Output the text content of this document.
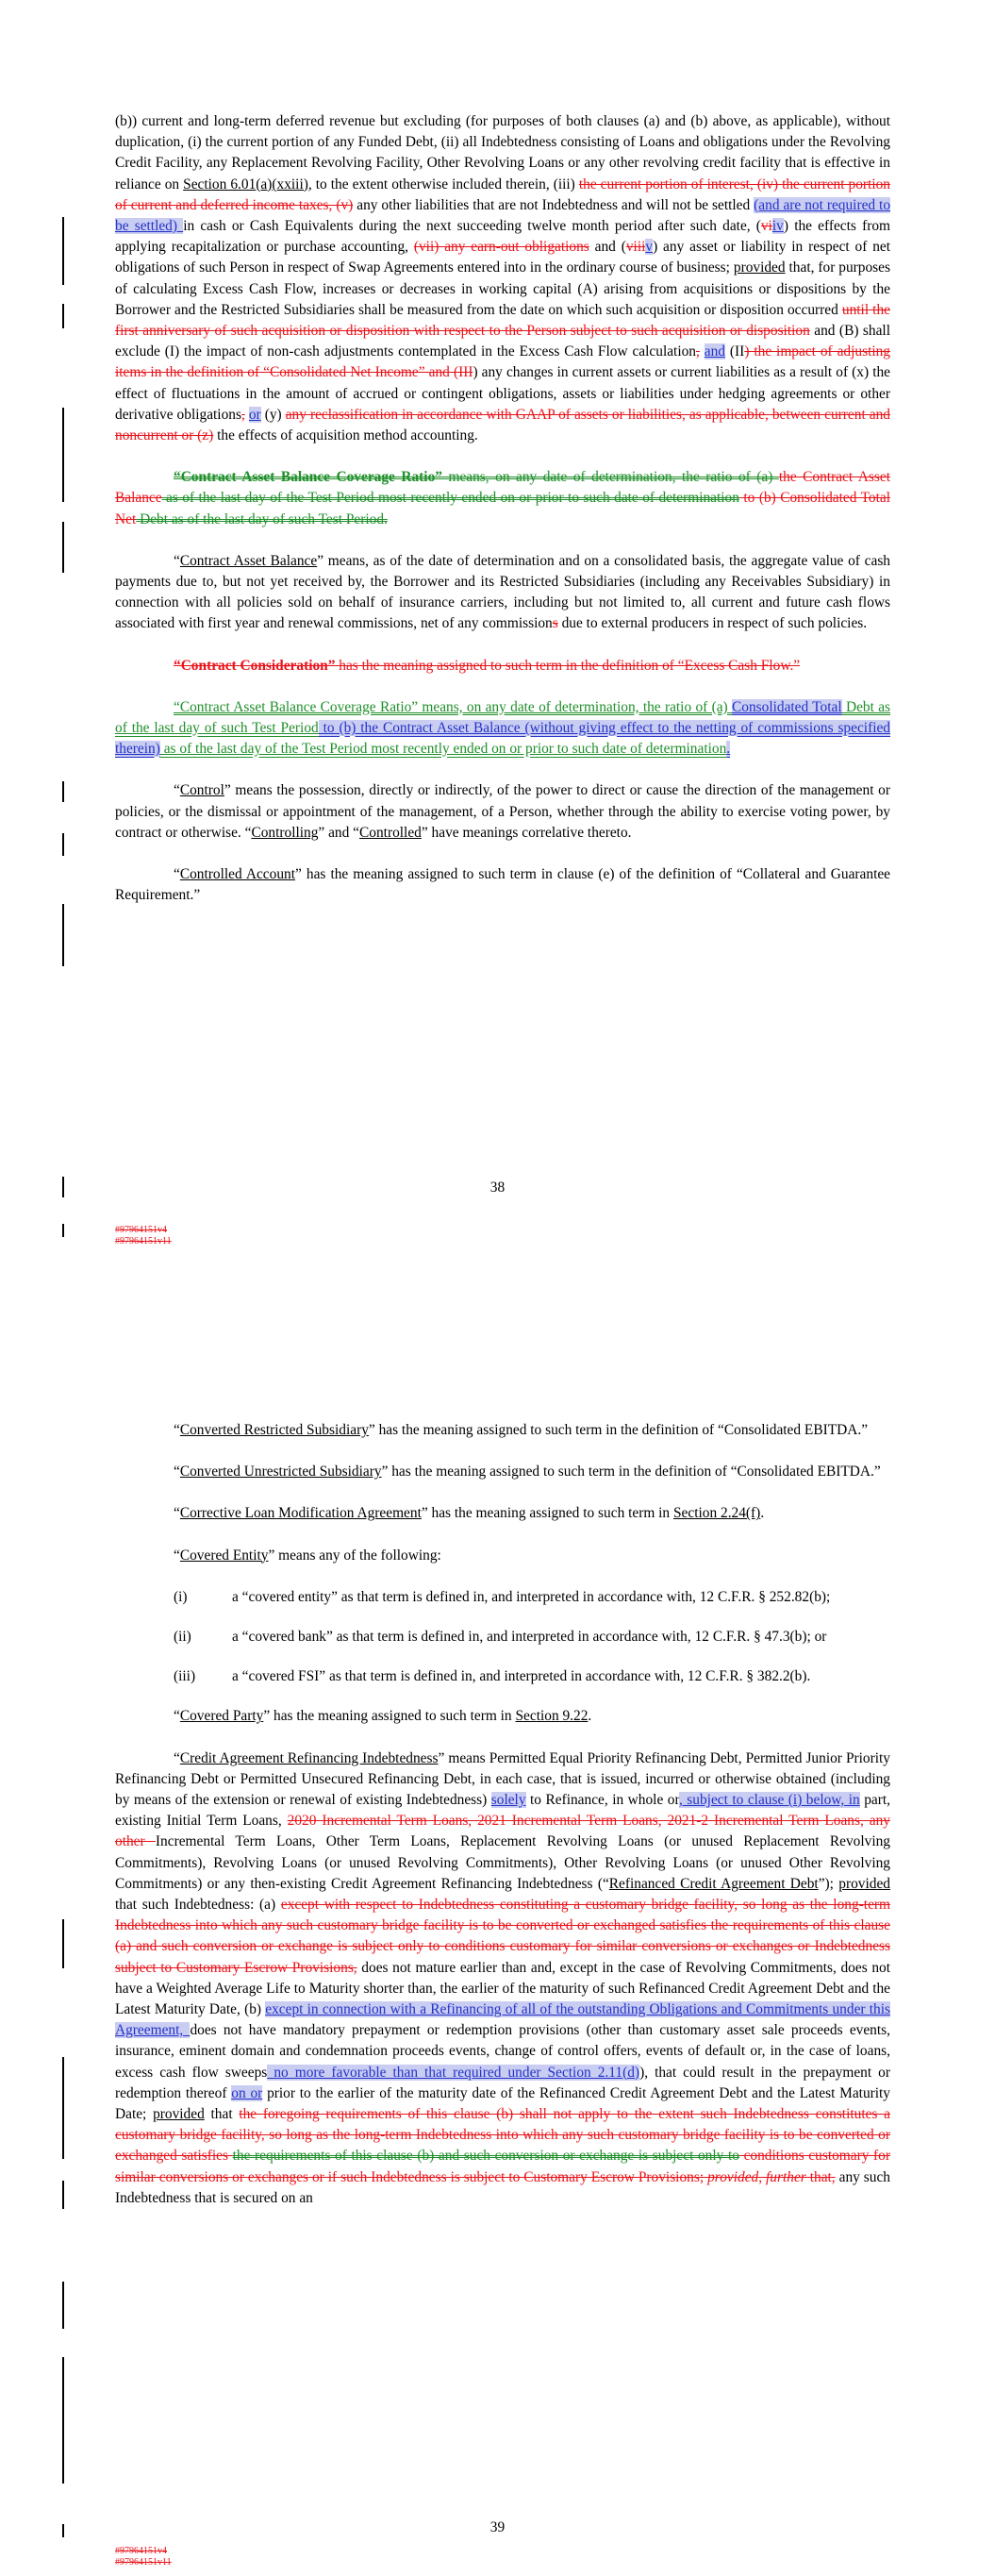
(b)) current and long-term deferred revenue but excluding (for purposes of both clauses (a) and (b) above, as applicable), without duplication, (i) the current portion of any Funded Debt, (ii) all Indebtedness consisting of Loans and obligations under the Revolving Credit Facility, any Replacement Revolving Facility, Other Revolving Loans or any other revolving credit facility that is effective in reliance on Section 6.01(a)(xxiii), to the extent otherwise included therein, (iii) the current portion of interest, (iv) the current portion of current and deferred income taxes, (v) any other liabilities that are not Indebtedness and will not be settled (and are not required to be settled) in cash or Cash Equivalents during the next succeeding twelve month period after such date, (viiv) the effects from applying recapitalization or purchase accounting, (vii) any earn-out obligations and (viiiv) any asset or liability in respect of net obligations of such Person in respect of Swap Agreements entered into in the ordinary course of business; provided that, for purposes of calculating Excess Cash Flow, increases or decreases in working capital (A) arising from acquisitions or dispositions by the Borrower and the Restricted Subsidiaries shall be measured from the date on which such acquisition or disposition occurred until the first anniversary of such acquisition or disposition with respect to the Person subject to such acquisition or disposition and (B) shall exclude (I) the impact of non-cash adjustments contemplated in the Excess Cash Flow calculation, and (II) the impact of adjusting items in the definition of “Consolidated Net Income” and (III) any changes in current assets or current liabilities as a result of (x) the effect of fluctuations in the amount of accrued or contingent obligations, assets or liabilities under hedging agreements or other derivative obligations, or (y) any reclassification in accordance with GAAP of assets or liabilities, as applicable, between current and noncurrent or (z) the effects of acquisition method accounting.

“Contract Asset Balance Coverage Ratio” means, on any date of determination, the ratio of (a) the Contract Asset Balance as of the last day of the Test Period most recently ended on or prior to such date of determination to (b) Consolidated Total Net Debt as of the last day of such Test Period.

“Contract Asset Balance” means, as of the date of determination and on a consolidated basis, the aggregate value of cash payments due to, but not yet received by, the Borrower and its Restricted Subsidiaries (including any Receivables Subsidiary) in connection with all policies sold on behalf of insurance carriers, including but not limited to, all current and future cash flows associated with first year and renewal commissions, net of any commissions due to external producers in respect of such policies.

“Contract Consideration” has the meaning assigned to such term in the definition of “Excess Cash Flow.”

“Contract Asset Balance Coverage Ratio” means, on any date of determination, the ratio of (a) Consolidated Total Debt as of the last day of such Test Period to (b) the Contract Asset Balance (without giving effect to the netting of commissions specified therein) as of the last day of the Test Period most recently ended on or prior to such date of determination.

“Control” means the possession, directly or indirectly, of the power to direct or cause the direction of the management or policies, or the dismissal or appointment of the management, of a Person, whether through the ability to exercise voting power, by contract or otherwise. “Controlling” and “Controlled” have meanings correlative thereto.

“Controlled Account” has the meaning assigned to such term in clause (e) of the definition of “Collateral and Guarantee Requirement.”

38
#97964151v4
#97964151v11

“Converted Restricted Subsidiary” has the meaning assigned to such term in the definition of “Consolidated EBITDA.”

“Converted Unrestricted Subsidiary” has the meaning assigned to such term in the definition of “Consolidated EBITDA.”

“Corrective Loan Modification Agreement” has the meaning assigned to such term in Section 2.24(f).

“Covered Entity” means any of the following:

(i)	a “covered entity” as that term is defined in, and interpreted in accordance with, 12 C.F.R. § 252.82(b);
(ii)	a “covered bank” as that term is defined in, and interpreted in accordance with, 12 C.F.R. § 47.3(b); or
(iii)	a “covered FSI” as that term is defined in, and interpreted in accordance with, 12 C.F.R. § 382.2(b).

“Covered Party” has the meaning assigned to such term in Section 9.22.

“Credit Agreement Refinancing Indebtedness” means Permitted Equal Priority Refinancing Debt, Permitted Junior Priority Refinancing Debt or Permitted Unsecured Refinancing Debt, in each case, that is issued, incurred or otherwise obtained (including by means of the extension or renewal of existing Indebtedness) solely to Refinance, in whole or, subject to clause (i) below, in part, existing Initial Term Loans, 2020 Incremental Term Loans, 2021 Incremental Term Loans, 2021-2 Incremental Term Loans, any other Incremental Term Loans, Other Term Loans, Replacement Revolving Loans (or unused Replacement Revolving Commitments), Revolving Loans (or unused Revolving Commitments), Other Revolving Loans (or unused Other Revolving Commitments) or any then-existing Credit Agreement Refinancing Indebtedness (“Refinanced Credit Agreement Debt”); provided that such Indebtedness: (a) except with respect to Indebtedness constituting a customary bridge facility, so long as the long-term Indebtedness into which any such customary bridge facility is to be converted or exchanged satisfies the requirements of this clause (a) and such conversion or exchange is subject only to conditions customary for similar conversions or exchanges or Indebtedness subject to Customary Escrow Provisions, does not mature earlier than and, except in the case of Revolving Commitments, does not have a Weighted Average Life to Maturity shorter than, the earlier of the maturity of such Refinanced Credit Agreement Debt and the Latest Maturity Date, (b) except in connection with a Refinancing of all of the outstanding Obligations and Commitments under this Agreement, does not have mandatory prepayment or redemption provisions (other than customary asset sale proceeds events, insurance, eminent domain and condemnation proceeds events, change of control offers, events of default or, in the case of loans, excess cash flow sweeps no more favorable than that required under Section 2.11(d)), that could result in the prepayment or redemption thereof on or prior to the earlier of the maturity date of the Refinanced Credit Agreement Debt and the Latest Maturity Date; provided that the foregoing requirements of this clause (b) shall not apply to the extent such Indebtedness constitutes a customary bridge facility, so long as the long-term Indebtedness into which any such customary bridge facility is to be converted or exchanged satisfies the requirements of this clause (b) and such conversion or exchange is subject only to conditions customary for similar conversions or exchanges or if such Indebtedness is subject to Customary Escrow Provisions; provided, further that, any such Indebtedness that is secured on an

39
#97964151v4
#97964151v11
